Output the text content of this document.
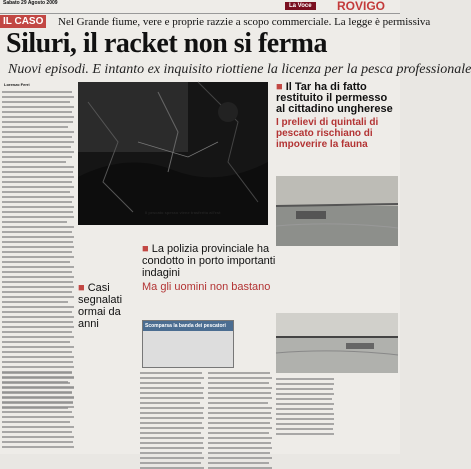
Sabato 29 Agosto 2009	La Voce	ROVIGO
IL CASO Nel Grande fiume, vere e proprie razzie a scopo commerciale. La legge è permissiva
Siluri, il racket non si ferma
Nuovi episodi. E intanto ex inquisito riottiene la licenza per la pesca professionale
Lorenzo Ferri
Il pescato spesso viene trasferito all'est
■ Il Tar ha di fatto restituito il permesso al cittadino ungherese
I prelievi di quintali di pescato rischiano di impoverire la fauna
■ Casi segnalati ormai da anni
■ La polizia provinciale ha condotto in porto importanti indagini
Ma gli uomini non bastano
Scomparsa la banda dei pescatori
